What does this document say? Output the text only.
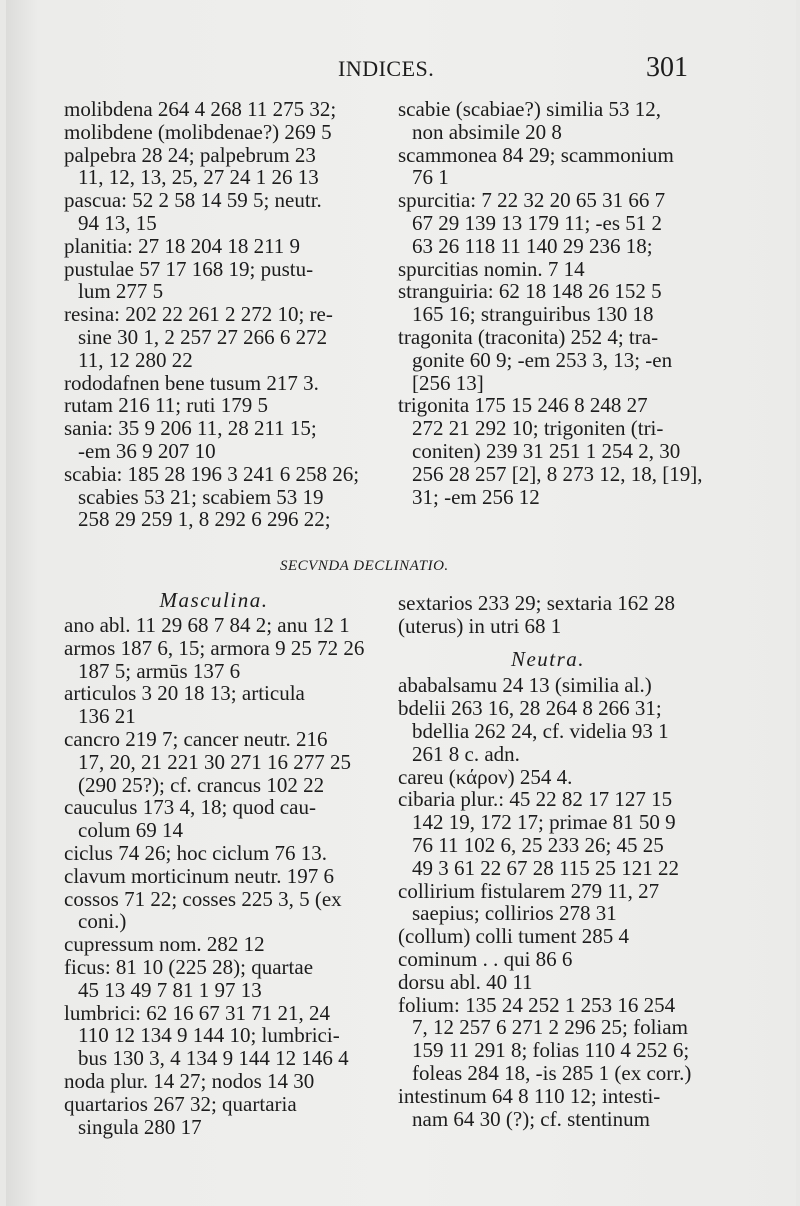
INDICES.	301
molibdena 264 4 268 11 275 32;
molibdene (molibdenae?) 269 5
palpebra 28 24; palpebrum 23
11, 12, 13, 25, 27 24 1 26 13
pascua: 52 2 58 14 59 5; neutr.
94 13, 15
planitia: 27 18 204 18 211 9
pustulae 57 17 168 19; pustu-
lum 277 5
resina: 202 22 261 2 272 10; re-
sine 30 1, 2 257 27 266 6 272
11, 12 280 22
rododafnen bene tusum 217 3.
rutam 216 11; ruti 179 5
sania: 35 9 206 11, 28 211 15;
-em 36 9 207 10
scabia: 185 28 196 3 241 6 258 26;
scabies 53 21; scabiem 53 19
258 29 259 1, 8 292 6 296 22;
scabie (scabiae?) similia 53 12,
non absimile 20 8
scammonea 84 29; scammonium
76 1
spurcitia: 7 22 32 20 65 31 66 7
67 29 139 13 179 11; -es 51 2
63 26 118 11 140 29 236 18;
spurcitias nomin. 7 14
stranguiria: 62 18 148 26 152 5
165 16; stranguiribus 130 18
tragonita (traconita) 252 4; tra-
gonite 60 9; -em 253 3, 13; -en
[256 13]
trigonita 175 15 246 8 248 27
272 21 292 10; trigoniten (tri-
coniten) 239 31 251 1 254 2, 30
256 28 257 [2], 8 273 12, 18, [19],
31; -em 256 12
SECVNDA DECLINATIO.
ano abl. 11 29 68 7 84 2; anu 12 1
armos 187 6, 15; armora 9 25 72 26
187 5; armūs 137 6
articulos 3 20 18 13; articula
136 21
cancro 219 7; cancer neutr. 216
17, 20, 21 221 30 271 16 277 25
(290 25?); cf. crancus 102 22
cauculus 173 4, 18; quod cau-
colum 69 14
ciclus 74 26; hoc ciclum 76 13.
clavum morticinum neutr. 197 6
cossos 71 22; cosses 225 3, 5 (ex
coni.)
cupressum nom. 282 12
ficus: 81 10 (225 28); quartae
45 13 49 7 81 1 97 13
lumbrici: 62 16 67 31 71 21, 24
110 12 134 9 144 10; lumbrici-
bus 130 3, 4 134 9 144 12 146 4
noda plur. 14 27; nodos 14 30
quartarios 267 32; quartaria
singula 280 17
Masculina.	sextarios 233 29; sextaria 162 28
(uterus) in utri 68 1
Neutra.
ababalsamu 24 13 (similia al.)
bdelii 263 16, 28 264 8 266 31;
bdellia 262 24, cf. videlia 93 1
261 8 c. adn.
careu (κάρον) 254 4.
cibaria plur.: 45 22 82 17 127 15
142 19, 172 17; primae 81 50 9
76 11 102 6, 25 233 26; 45 25
49 3 61 22 67 28 115 25 121 22
collirium fistularem 279 11, 27
saepius; collirios 278 31
(collum) colli tument 285 4
cominum . . qui 86 6
dorsu abl. 40 11
folium: 135 24 252 1 253 16 254
7, 12 257 6 271 2 296 25; foliam
159 11 291 8; folias 110 4 252 6;
foleas 284 18, -is 285 1 (ex corr.)
intestinum 64 8 110 12; intesti-
nam 64 30 (?); cf. stentinum
